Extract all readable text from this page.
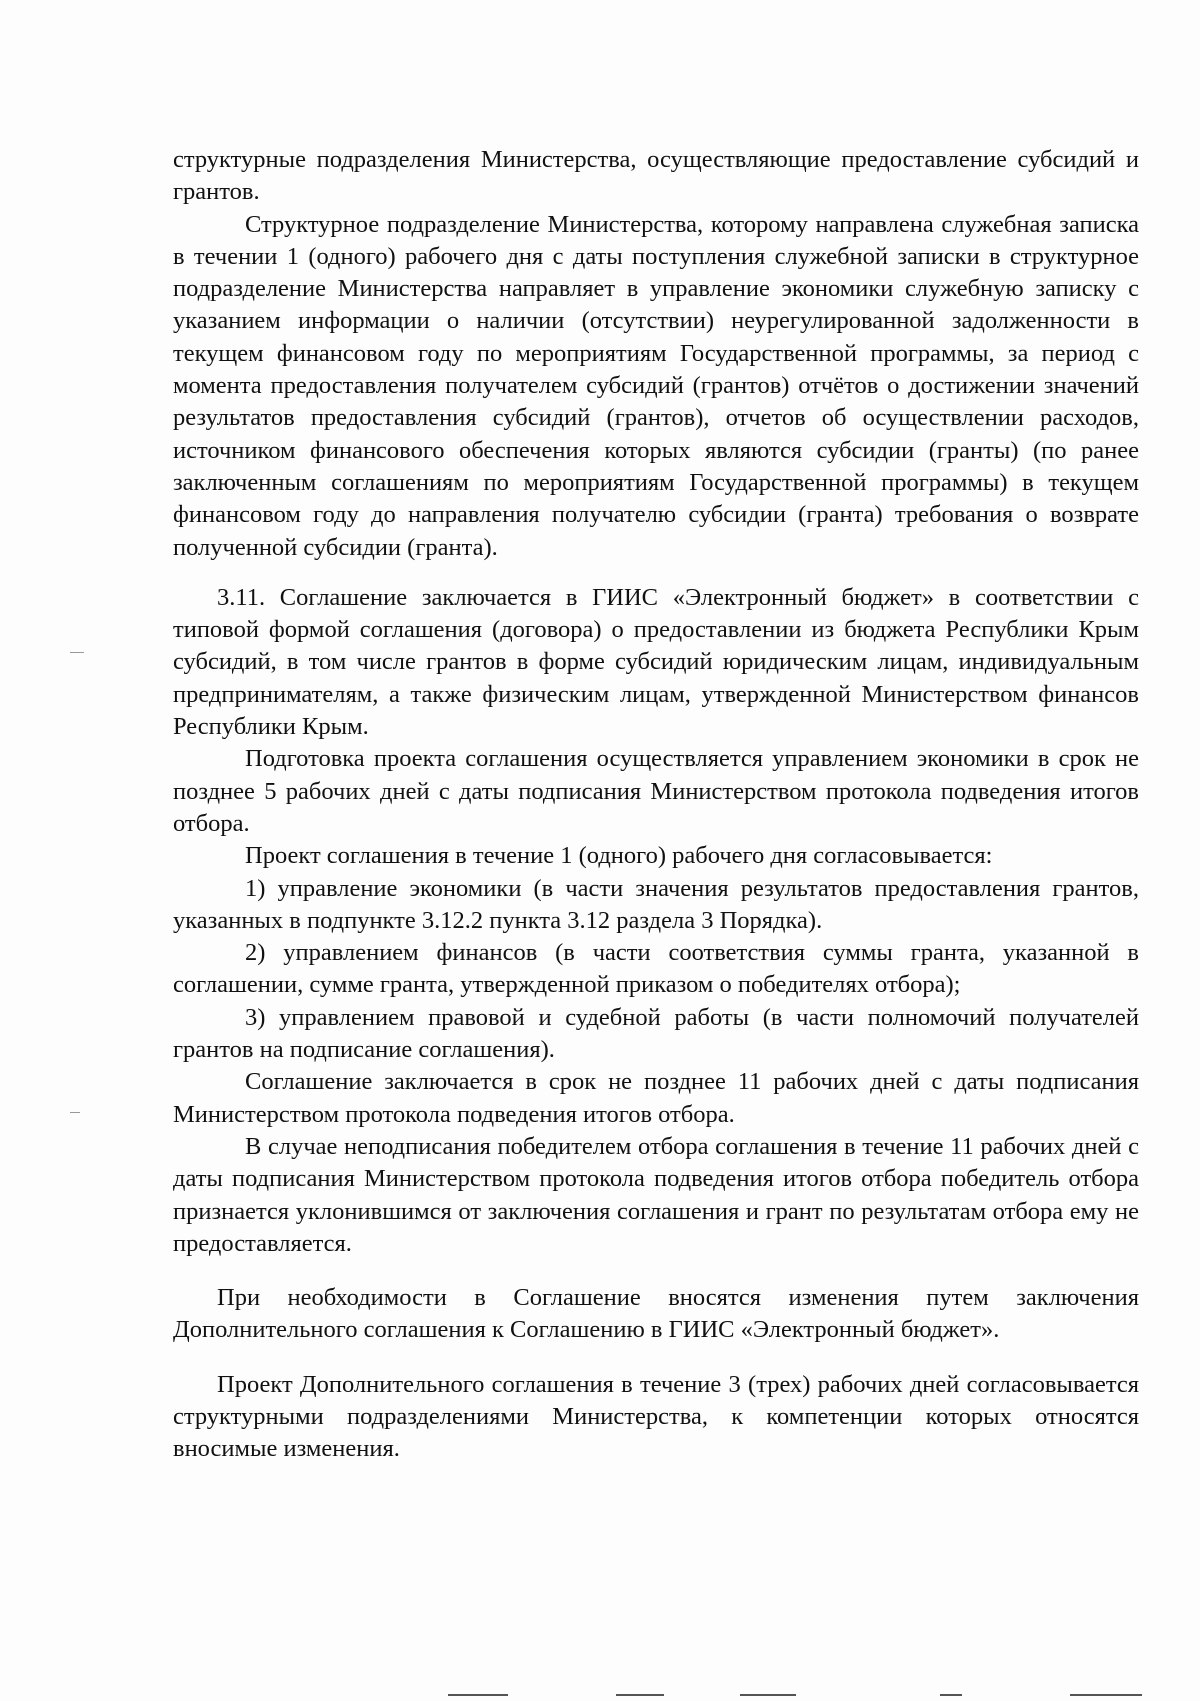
структурные подразделения Министерства, осуществляющие предоставление субсидий и грантов.

Структурное подразделение Министерства, которому направлена служебная записка в течении 1 (одного) рабочего дня с даты поступления служебной записки в структурное подразделение Министерства направляет в управление экономики служебную записку с указанием информации о наличии (отсутствии) неурегулированной задолженности в текущем финансовом году по мероприятиям Государственной программы, за период с момента предоставления получателем субсидий (грантов) отчётов о достижении значений результатов предоставления субсидий (грантов), отчетов об осуществлении расходов, источником финансового обеспечения которых являются субсидии (гранты) (по ранее заключенным соглашениям по мероприятиям Государственной программы) в текущем финансовом году до направления получателю субсидии (гранта) требования о возврате полученной субсидии (гранта).

3.11. Соглашение заключается в ГИИС «Электронный бюджет» в соответствии с типовой формой соглашения (договора) о предоставлении из бюджета Республики Крым субсидий, в том числе грантов в форме субсидий юридическим лицам, индивидуальным предпринимателям, а также физическим лицам, утвержденной Министерством финансов Республики Крым.

Подготовка проекта соглашения осуществляется управлением экономики в срок не позднее 5 рабочих дней с даты подписания Министерством протокола подведения итогов отбора.

Проект соглашения в течение 1 (одного) рабочего дня согласовывается:

1) управление экономики (в части значения результатов предоставления грантов, указанных в подпункте 3.12.2 пункта 3.12 раздела 3 Порядка).

2) управлением финансов (в части соответствия суммы гранта, указанной в соглашении, сумме гранта, утвержденной приказом о победителях отбора);

3) управлением правовой и судебной работы (в части полномочий получателей грантов на подписание соглашения).

Соглашение заключается в срок не позднее 11 рабочих дней с даты подписания Министерством протокола подведения итогов отбора.

В случае неподписания победителем отбора соглашения в течение 11 рабочих дней с даты подписания Министерством протокола подведения итогов отбора победитель отбора признается уклонившимся от заключения соглашения и грант по результатам отбора ему не предоставляется.

При необходимости в Соглашение вносятся изменения путем заключения Дополнительного соглашения к Соглашению в ГИИС «Электронный бюджет».

Проект Дополнительного соглашения в течение 3 (трех) рабочих дней согласовывается структурными подразделениями Министерства, к компетенции которых относятся вносимые изменения.
